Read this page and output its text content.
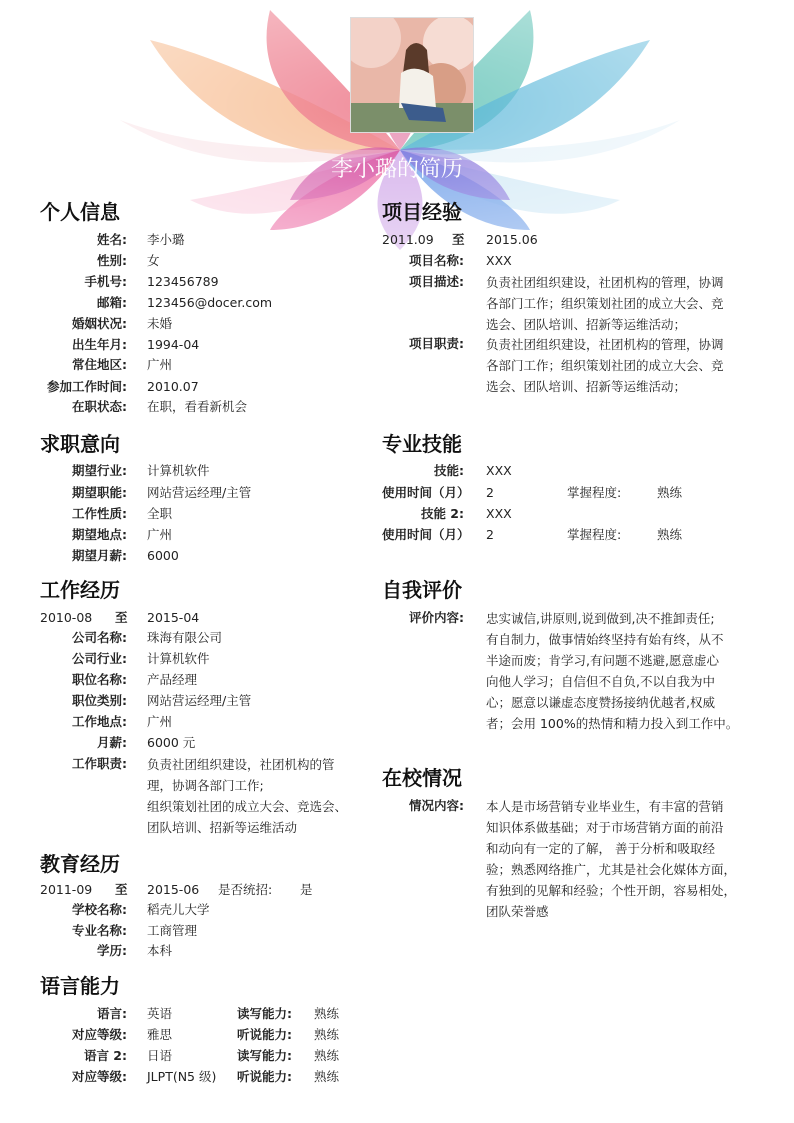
李小璐的简历
个人信息
姓名: 李小璐
性别: 女
手机号: 123456789
邮箱: 123456@docer.com
婚姻状况: 未婚
出生年月: 1994-04
常住地区: 广州
参加工作时间: 2010.07
在职状态: 在职，看看新机会
求职意向
期望行业: 计算机软件
期望职能: 网站营运经理/主管
工作性质: 全职
期望地点: 广州
期望月薪: 6000
工作经历
2010-08 至 2015-04
公司名称: 珠海有限公司
公司行业: 计算机软件
职位名称: 产品经理
职位类别: 网站营运经理/主管
工作地点: 广州
月薪: 6000 元
工作职责: 负责社团组织建设，社团机构的管
理，协调各部门工作;
组织策划社团的成立大会、竞选会、
团队培训、招新等运维活动
教育经历
2011-09 至 2015-06 是否统招: 是
学校名称: 稻壳儿大学
专业名称: 工商管理
学历: 本科
语言能力
语言: 英语	读写能力: 熟练
对应等级: 雅思	听说能力: 熟练
语言 2: 日语	读写能力: 熟练
对应等级: JLPT(N5 级)	听说能力: 熟练
项目经验
2011.09 至 2015.06
项目名称: XXX
项目描述: 负责社团组织建设，社团机构的管理，协调
各部门工作；组织策划社团的成立大会、竞
选会、团队培训、招新等运维活动；
项目职责: 负责社团组织建设，社团机构的管理，协调
各部门工作；组织策划社团的成立大会、竞
选会、团队培训、招新等运维活动；
专业技能
技能: XXX
使用时间（月）	2	掌握程度:	熟练
技能 2: XXX
使用时间（月）	2	掌握程度:	熟练
自我评价
评价内容: 忠实诚信,讲原则,说到做到,决不推卸责任;
有自制力，做事情始终坚持有始有终，从不
半途而废；肯学习,有问题不逃避,愿意虚心
向他人学习；自信但不自负,不以自我为中
心；愿意以谦虚态度赞扬接纳优越者,权威
者；会用 100%的热情和精力投入到工作中。
在校情况
情况内容: 本人是市场营销专业毕业生，有丰富的营销
知识体系做基础；对于市场营销方面的前沿
和动向有一定的了解， 善于分析和吸取经
验；熟悉网络推广，尤其是社会化媒体方面，
有独到的见解和经验；个性开朗，容易相处，
团队荣誉感
